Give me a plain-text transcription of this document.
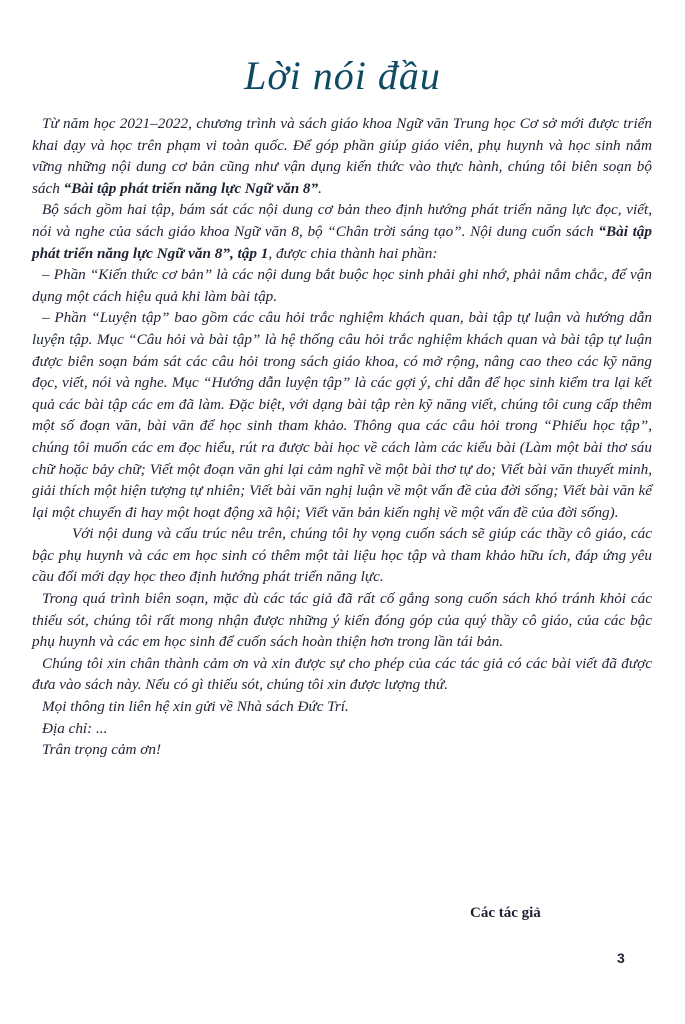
Lời nói đầu

Từ năm học 2021–2022, chương trình và sách giáo khoa Ngữ văn Trung học Cơ sở mới được triển khai dạy và học trên phạm vi toàn quốc. Để góp phần giúp giáo viên, phụ huynh và học sinh nắm vững những nội dung cơ bản cũng như vận dụng kiến thức vào thực hành, chúng tôi biên soạn bộ sách “Bài tập phát triển năng lực Ngữ văn 8”.

Bộ sách gồm hai tập, bám sát các nội dung cơ bản theo định hướng phát triển năng lực đọc, viết, nói và nghe của sách giáo khoa Ngữ văn 8, bộ “Chân trời sáng tạo”. Nội dung cuốn sách “Bài tập phát triển năng lực Ngữ văn 8”, tập 1, được chia thành hai phần:

– Phần “Kiến thức cơ bản” là các nội dung bắt buộc học sinh phải ghi nhớ, phải nắm chắc, để vận dụng một cách hiệu quả khi làm bài tập.

– Phần “Luyện tập” bao gồm các câu hỏi trắc nghiệm khách quan, bài tập tự luận và hướng dẫn luyện tập. Mục “Câu hỏi và bài tập” là hệ thống câu hỏi trắc nghiệm khách quan và bài tập tự luận được biên soạn bám sát các câu hỏi trong sách giáo khoa, có mở rộng, nâng cao theo các kỹ năng đọc, viết, nói và nghe. Mục “Hướng dẫn luyện tập” là các gợi ý, chỉ dẫn để học sinh kiểm tra lại kết quả các bài tập các em đã làm. Đặc biệt, với dạng bài tập rèn kỹ năng viết, chúng tôi cung cấp thêm một số đoạn văn, bài văn để học sinh tham khảo. Thông qua các câu hỏi trong “Phiếu học tập”, chúng tôi muốn các em đọc hiểu, rút ra được bài học về cách làm các kiểu bài (Làm một bài thơ sáu chữ hoặc bảy chữ; Viết một đoạn văn ghi lại cảm nghĩ về một bài thơ tự do; Viết bài văn thuyết minh, giải thích một hiện tượng tự nhiên; Viết bài văn nghị luận về một vấn đề của đời sống; Viết bài văn kể lại một chuyến đi hay một hoạt động xã hội; Viết văn bản kiến nghị về một vấn đề của đời sống).

Với nội dung và cấu trúc nêu trên, chúng tôi hy vọng cuốn sách sẽ giúp các thầy cô giáo, các bậc phụ huynh và các em học sinh có thêm một tài liệu học tập và tham khảo hữu ích, đáp ứng yêu cầu đổi mới dạy học theo định hướng phát triển năng lực.

Trong quá trình biên soạn, mặc dù các tác giả đã rất cố gắng song cuốn sách khó tránh khỏi các thiếu sót, chúng tôi rất mong nhận được những ý kiến đóng góp của quý thầy cô giáo, của các bậc phụ huynh và các em học sinh để cuốn sách hoàn thiện hơn trong lần tái bản.

Chúng tôi xin chân thành cảm ơn và xin được sự cho phép của các tác giả có các bài viết đã được đưa vào sách này. Nếu có gì thiếu sót, chúng tôi xin được lượng thứ.

Mọi thông tin liên hệ xin gửi về Nhà sách Đức Trí.

Địa chỉ: ...

Trân trọng cảm ơn!

Các tác giả
3
